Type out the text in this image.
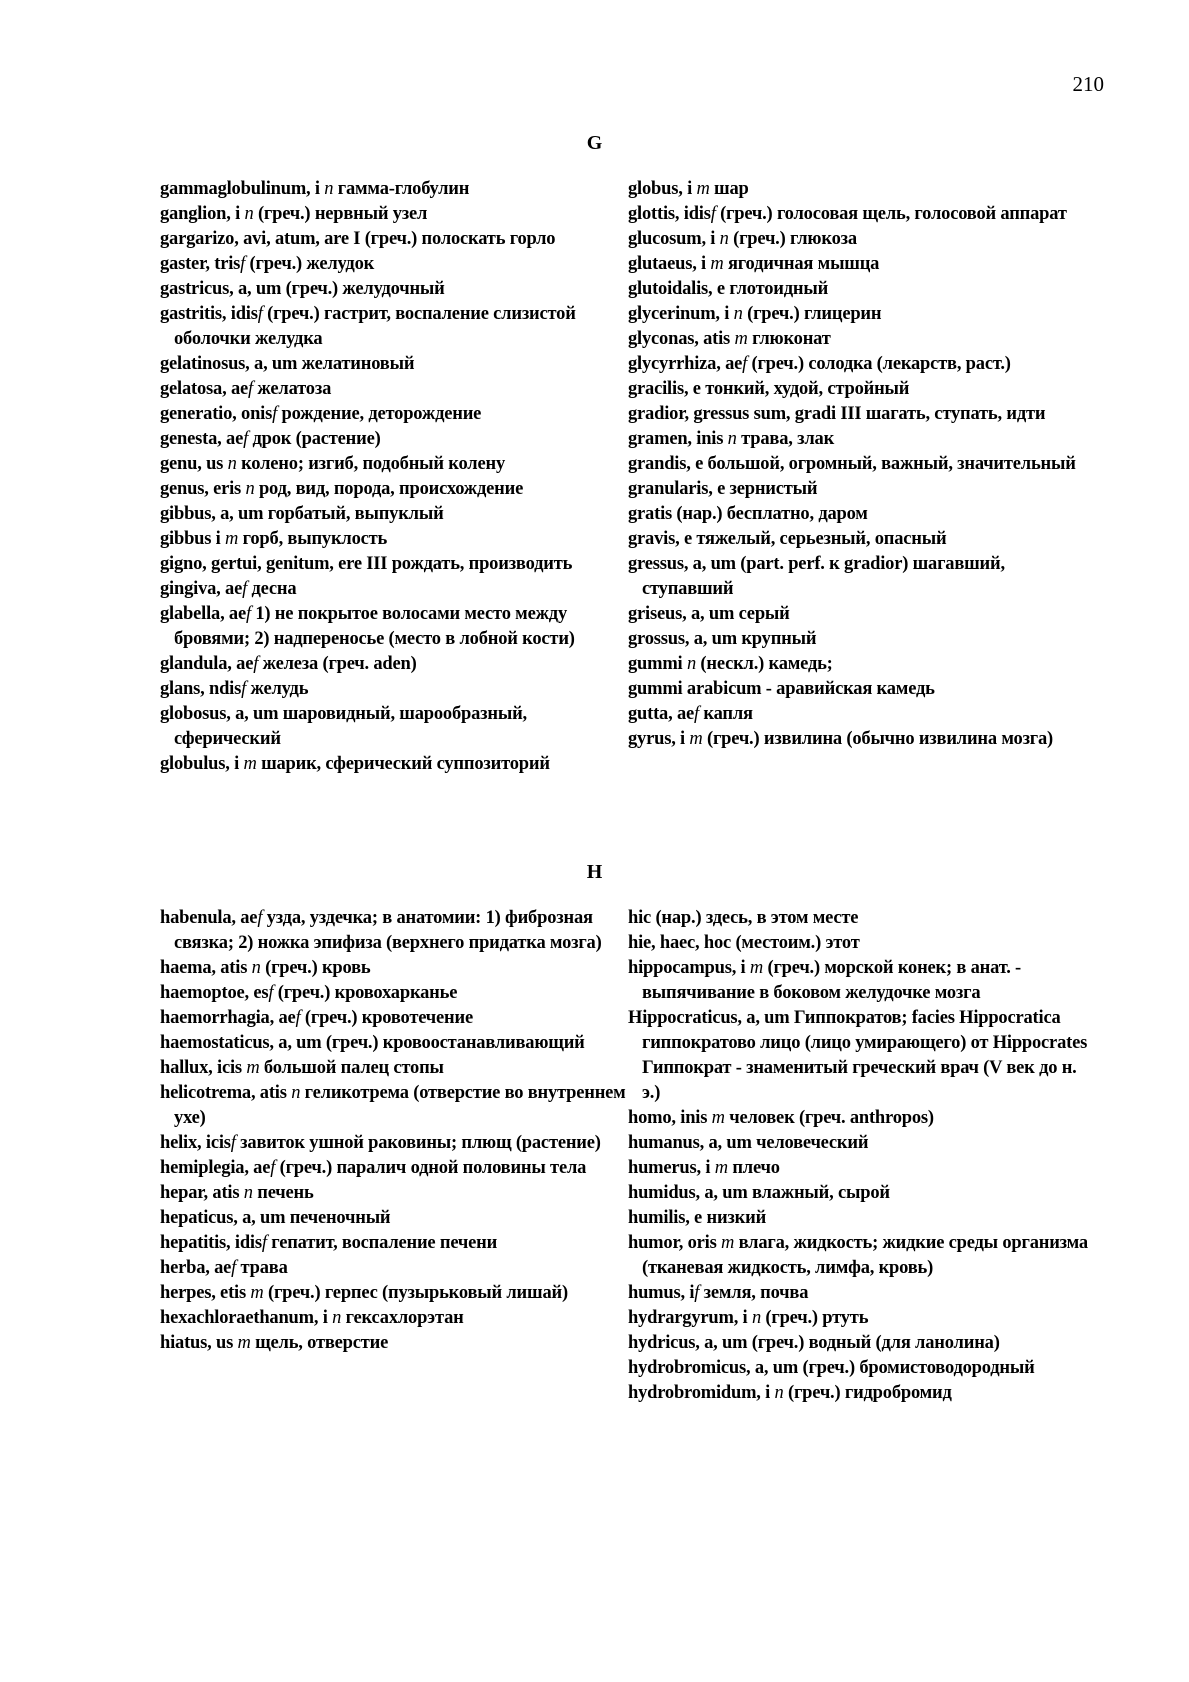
210
G
gammaglobulinum, i n гамма-глобулин
ganglion, i n (греч.) нервный узел
gargarizo, avi, atum, are I (греч.) полоскать горло
gaster, trisf (греч.) желудок
gastricus, a, um (греч.) желудочный
gastritis, idisf (греч.) гастрит, воспаление слизистой оболочки желудка
gelatinosus, a, um желатиновый
gelatosa, aef желатоза
generatio, onisf рождение, деторождение
genesta, aef дрок (растение)
genu, us n колено; изгиб, подобный колену
genus, eris n род, вид, порода, происхождение
gibbus, a, um горбатый, выпуклый
gibbus i m горб, выпуклость
gigno, gertui, genitum, ere III рождать, производить
gingiva, aef десна
glabella, aef 1) не покрытое волосами место между бровями; 2) надпереносье (место в лобной кости)
glandula, aef железа (греч. aden)
glans, ndisf желудь
globosus, a, um шаровидный, шарообразный, сферический
globulus, i m шарик, сферический суппозиторий
globus, i m шар
glottis, idisf (греч.) голосовая щель, голосовой аппарат
glucosum, i n (греч.) глюкоза
glutaeus, i m ягодичная мышца
glutoidalis, e глотоидный
glycerinum, i n (греч.) глицерин
glyconas, atis m глюконат
glycyrrhiza, aef (греч.) солодка (лекарств, раст.)
gracilis, e тонкий, худой, стройный
gradior, gressus sum, gradi III шагать, ступать, идти
gramen, inis n трава, злак
grandis, e большой, огромный, важный, значительный
granularis, e зернистый
gratis (нар.) бесплатно, даром
gravis, e тяжелый, серьезный, опасный
gressus, a, um (part. perf. к gradior) шагавший, ступавший
griseus, a, um серый
grossus, a, um крупный
gummi n (нескл.) камедь;
gummi arabicum - аравийская камедь
gutta, aef капля
gyrus, i m (греч.) извилина (обычно извилина мозга)
H
habenula, aef узда, уздечка; в анатомии: 1) фиброзная связка; 2) ножка эпифиза (верхнего придатка мозга)
haema, atis n (греч.) кровь
haemoptoe, esf (греч.) кровохарканье
haemorrhagia, aef (греч.) кровотечение
haemostaticus, a, um (греч.) кровоостанавливающий
hallux, icis m большой палец стопы
helicotrema, atis n геликотрема (отверстие во внутреннем ухе)
helix, icisf завиток ушной раковины; плющ (растение)
hemiplegia, aef (греч.) паралич одной половины тела
hepar, atis n печень
hepaticus, a, um печеночный
hepatitis, idisf гепатит, воспаление печени
herba, aef трава
herpes, etis m (греч.) герпес (пузырьковый лишай)
hexachloraethanum, i n гексахлорэтан
hiatus, us m щель, отверстие
hic (нар.) здесь, в этом месте
hie, haec, hoc (местоим.) этот
hippocampus, i m (греч.) морской конек; в анат. - выпячивание в боковом желудочке мозга
Hippocraticus, a, um Гиппократов; facies Hippocratica гиппократово лицо (лицо умирающего) от Hippocrates Гиппократ - знаменитый греческий врач (V век до н. э.)
homo, inis m человек (греч. anthropos)
humanus, a, um человеческий
humerus, i m плечо
humidus, a, um влажный, сырой
humilis, e низкий
humor, oris m влага, жидкость; жидкие среды организма (тканевая жидкость, лимфа, кровь)
humus, if земля, почва
hydrargyrum, i n (греч.) ртуть
hydricus, a, um (греч.) водный (для ланолина)
hydrobromicus, a, um (греч.) бромистоводородный
hydrobromidum, i n (греч.) гидробромид
